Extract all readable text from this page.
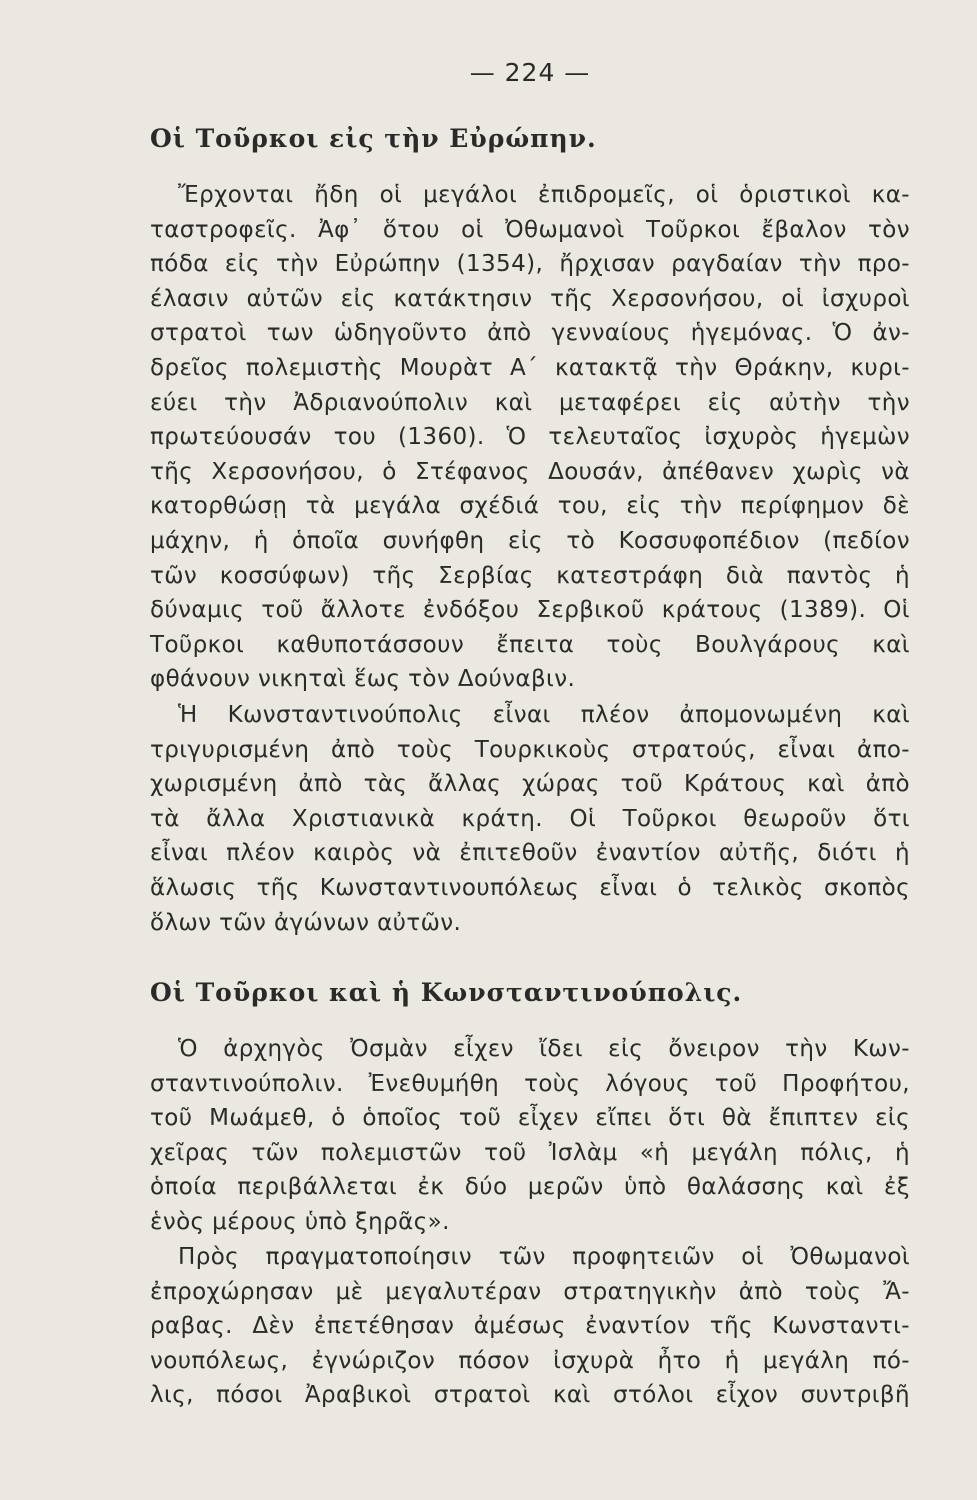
— 224 —
Οἱ Τοῦρκοι εἰς τὴν Εὐρώπην.
Ἔρχονται ἤδη οἱ μεγάλοι ἐπιδρομεῖς, οἱ ὁριστικοὶ κα-
ταστροφεῖς. Ἀφ᾽ ὅτου οἱ Ὀθωμανοὶ Τοῦρκοι ἔβαλον τὸν
πόδα εἰς τὴν Εὐρώπην (1354), ἤρχισαν ραγδαίαν τὴν προ-
έλασιν αὐτῶν εἰς κατάκτησιν τῆς Χερσονήσου, οἱ ἰσχυροὶ
στρατοὶ των ὡδηγοῦντο ἀπὸ γενναίους ἡγεμόνας. Ὁ ἀν-
δρεῖος πολεμιστὴς Μουρὰτ Α΄ κατακτᾷ τὴν Θράκην, κυρι-
εύει τὴν Ἀδριανούπολιν καὶ μεταφέρει εἰς αὐτὴν τὴν
πρωτεύουσάν του (1360). Ὁ τελευταῖος ἰσχυρὸς ἡγεμὼν
τῆς Χερσονήσου, ὁ Στέφανος Δουσάν, ἀπέθανεν χωρὶς νὰ
κατορθώσῃ τὰ μεγάλα σχέδιά του, εἰς τὴν περίφημον δὲ
μάχην, ἡ ὁποῖα συνήφθη εἰς τὸ Κοσσυφοπέδιον (πεδίον
τῶν κοσσύφων) τῆς Σερβίας κατεστράφη διὰ παντὸς ἡ
δύναμις τοῦ ἄλλοτε ἐνδόξου Σερβικοῦ κράτους (1389). Οἱ
Τοῦρκοι καθυποτάσσουν ἔπειτα τοὺς Βουλγάρους καὶ
φθάνουν νικηταὶ ἕως τὸν Δούναβιν.
Ἡ Κωνσταντινούπολις εἶναι πλέον ἀπομονωμένη καὶ
τριγυρισμένη ἀπὸ τοὺς Τουρκικοὺς στρατούς, εἶναι ἀπο-
χωρισμένη ἀπὸ τὰς ἄλλας χώρας τοῦ Κράτους καὶ ἀπὸ
τὰ ἄλλα Χριστιανικὰ κράτη. Οἱ Τοῦρκοι θεωροῦν ὅτι
εἶναι πλέον καιρὸς νὰ ἐπιτεθοῦν ἐναντίον αὐτῆς, διότι ἡ
ἅλωσις τῆς Κωνσταντινουπόλεως εἶναι ὁ τελικὸς σκοπὸς
ὅλων τῶν ἀγώνων αὐτῶν.
Οἱ Τοῦρκοι καὶ ἡ Κωνσταντινούπολις.
Ὁ ἀρχηγὸς Ὀσμὰν εἶχεν ἴδει εἰς ὄνειρον τὴν Κων-
σταντινούπολιν. Ἐνεθυμήθη τοὺς λόγους τοῦ Προφήτου,
τοῦ Μωάμεθ, ὁ ὁποῖος τοῦ εἶχεν εἴπει ὅτι θὰ ἔπιπτεν εἰς
χεῖρας τῶν πολεμιστῶν τοῦ Ἰσλὰμ «ἡ μεγάλη πόλις, ἡ
ὁποία περιβάλλεται ἐκ δύο μερῶν ὑπὸ θαλάσσης καὶ ἐξ
ἑνὸς μέρους ὑπὸ ξηρᾶς».
Πρὸς πραγματοποίησιν τῶν προφητειῶν οἱ Ὀθωμανοὶ
ἐπροχώρησαν μὲ μεγαλυτέραν στρατηγικὴν ἀπὸ τοὺς Ἄ-
ραβας. Δὲν ἐπετέθησαν ἀμέσως ἐναντίον τῆς Κωνσταντι-
νουπόλεως, ἐγνώριζον πόσον ἰσχυρὰ ἦτο ἡ μεγάλη πό-
λις, πόσοι Ἀραβικοὶ στρατοὶ καὶ στόλοι εἶχον συντριβῆ
